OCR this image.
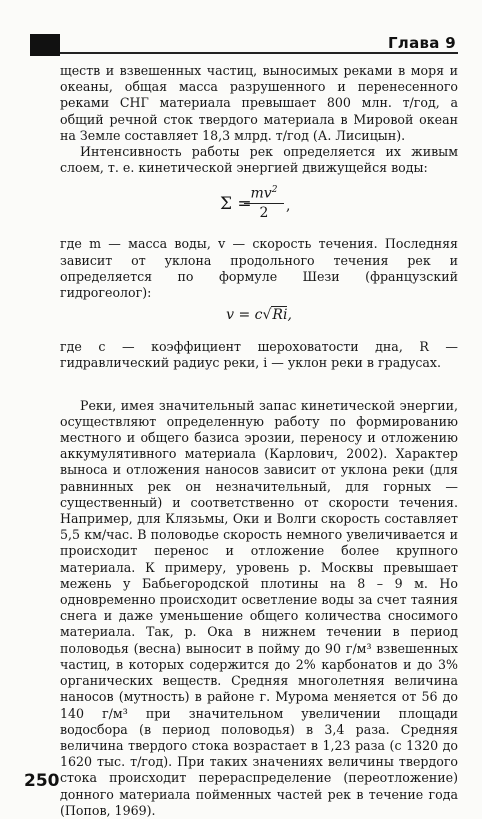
Глава 9

ществ и взвешенных частиц, выносимых реками в моря и океаны, общая масса разрушенного и перенесенного реками СНГ материала превышает 800 млн. т/год, а общий речной сток твердого материала в Мировой океан на Земле составляет 18,3 млрд. т/год (А. Лисицын).

Интенсивность работы рек определяется их живым слоем, т. е. кинетической энергией движущейся воды:

Σ =
$\frac{mv^2}{2}$ ,

где m — масса воды, v — скорость течения. Последняя зависит от уклона продольного течения рек и определяется по формуле Шези (французский гидрогеолог):

v = c√Ri,

где c — коэффициент шероховатости дна, R — гидравлический радиус реки, i — уклон реки в градусах.

Реки, имея значительный запас кинетической энергии, осуществляют определенную работу по формированию местного и общего базиса эрозии, переносу и отложению аккумулятивного материала (Карлович, 2002). Характер выноса и отложения наносов зависит от уклона реки (для равнинных рек он незначительный, для горных — существенный) и соответственно от скорости течения. Например, для Клязьмы, Оки и Волги скорость составляет 5,5 км/час. В половодье скорость немного увеличивается и происходит перенос и отложение более крупного материала. К примеру, уровень р. Москвы превышает межень у Бабьегородской плотины на 8 – 9 м. Но одновременно происходит осветление воды за счет таяния снега и даже уменьшение общего количества сносимого материала. Так, р. Ока в нижнем течении в период половодья (весна) выносит в пойму до 90 г/м³ взвешенных частиц, в которых содержится до 2% карбонатов и до 3% органических веществ. Средняя многолетняя величина наносов (мутность) в районе г. Мурома меняется от 56 до 140 г/м³ при значительном увеличении площади водосбора (в период половодья) в 3,4 раза. Средняя величина твердого стока возрастает в 1,23 раза (с 1320 до 1620 тыс. т/год). При таких значениях величины твердого стока происходит перераспределение (переотложение) донного материала пойменных частей рек в течение года (Попов, 1969).

250
